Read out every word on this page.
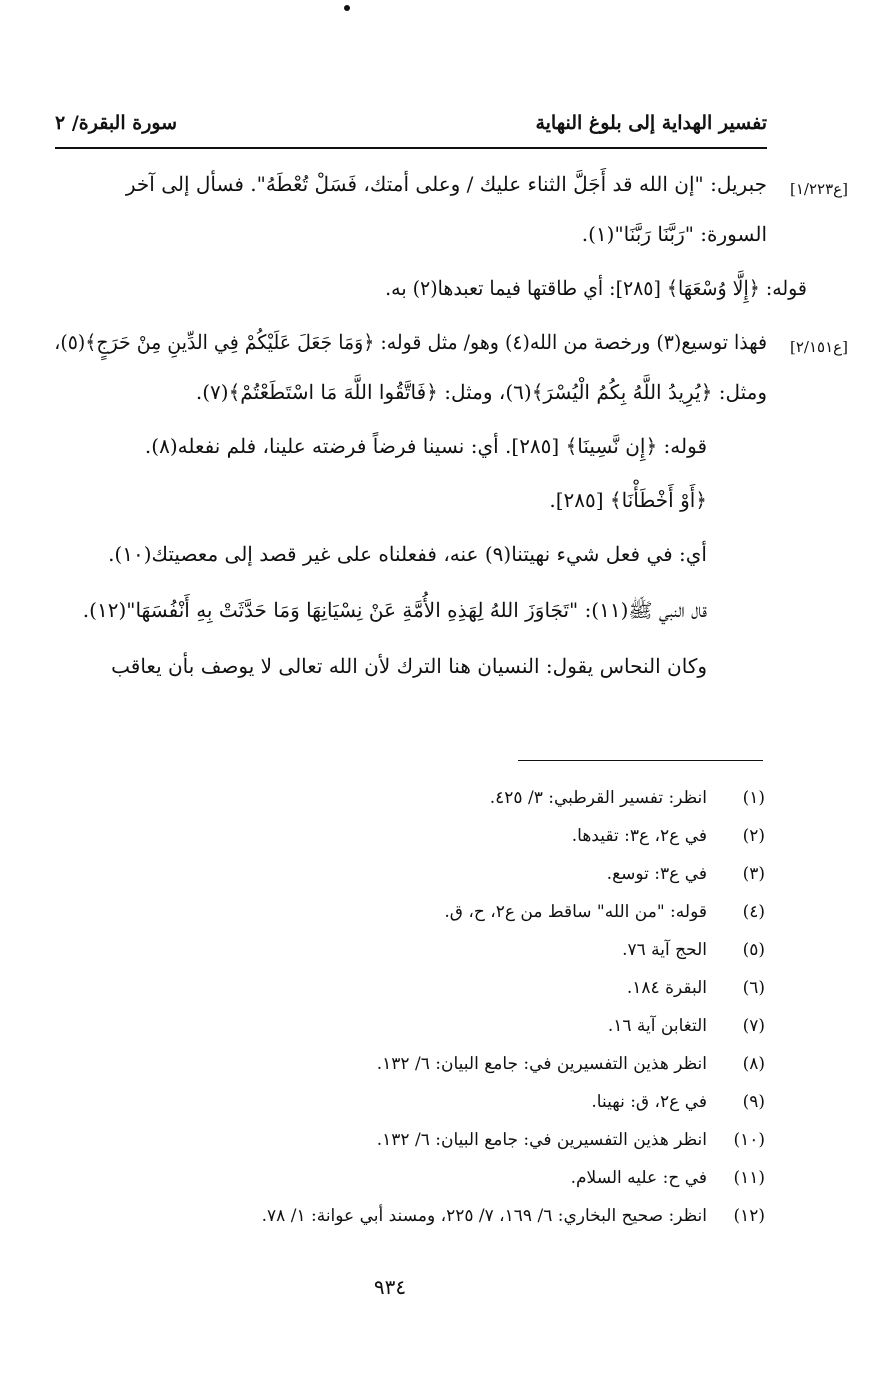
تفسير الهداية إلى بلوغ النهاية
سورة البقرة/ ٢
[ع١/٢٢٣]
[ع٢/١٥١]
جبريل: "إن الله قد أَجَلَّ الثناء عليك / وعلى أمتك، فَسَلْ تُعْطَهُ". فسأل إلى آخر
السورة: "رَبَّنَا رَبَّنَا"(١).
قوله: ﴿إِلَّا وُسْعَهَا﴾ [٢٨٥]: أي طاقتها فيما تعبدها(٢) به.
فهذا توسيع(٣) ورخصة من الله(٤) وهو/ مثل قوله: ﴿وَمَا جَعَلَ عَلَيْكُمْ فِي الدِّينِ مِنْ حَرَجٍ﴾(٥)،
ومثل: ﴿يُرِيدُ اللَّهُ بِكُمُ الْيُسْرَ﴾(٦)، ومثل: ﴿فَاتَّقُوا اللَّهَ مَا اسْتَطَعْتُمْ﴾(٧).
قوله: ﴿إِن نَّسِينَا﴾ [٢٨٥]. أي: نسينا فرضاً فرضته علينا، فلم نفعله(٨).
﴿أَوْ أَخْطَأْنَا﴾ [٢٨٥].
أي: في فعل شيء نهيتنا(٩) عنه، ففعلناه على غير قصد إلى معصيتك(١٠).
قال النبي ﷺ(١١): "تَجَاوَزَ اللهُ لِهَذِهِ الأُمَّةِ عَنْ نِسْيَانِهَا وَمَا حَدَّثَتْ بِهِ أَنْفُسَهَا"(١٢).
وكان النحاس يقول: النسيان هنا الترك لأن الله تعالى لا يوصف بأن يعاقب
(١)
انظر: تفسير القرطبي: ٣/ ٤٢٥.
(٢)
في ع٢، ع٣: تقيدها.
(٣)
في ع٣: توسع.
(٤)
قوله: "من الله" ساقط من ع٢، ح، ق.
(٥)
الحج آية ٧٦.
(٦)
البقرة ١٨٤.
(٧)
التغابن آية ١٦.
(٨)
انظر هذين التفسيرين في: جامع البيان: ٦/ ١٣٢.
(٩)
في ع٢، ق: نهينا.
(١٠)
انظر هذين التفسيرين في: جامع البيان: ٦/ ١٣٢.
(١١)
في ح: عليه السلام.
(١٢)
انظر: صحيح البخاري: ٦/ ١٦٩، ٧/ ٢٢٥، ومسند أبي عوانة: ١/ ٧٨.
٩٣٤
